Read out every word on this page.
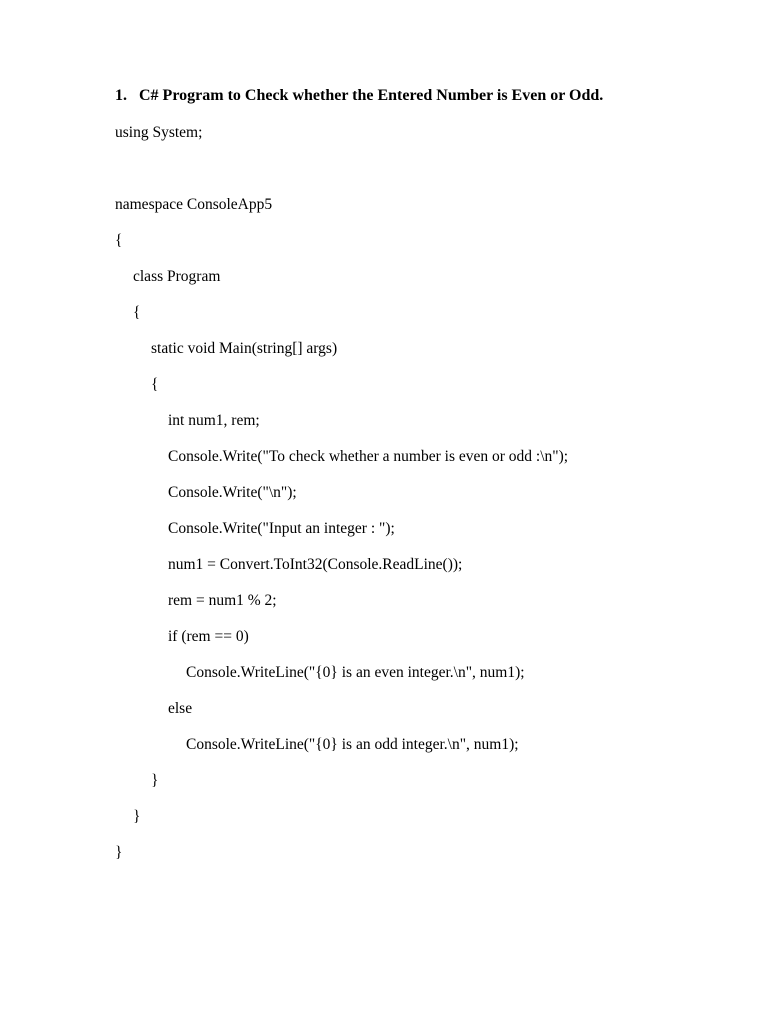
1. C# Program to Check whether the Entered Number is Even or Odd.
using System;
namespace ConsoleApp5
{
class Program
{
static void Main(string[] args)
{
int num1, rem;
Console.Write("To check whether a number is even or odd :\n");
Console.Write("\n");
Console.Write("Input an integer : ");
num1 = Convert.ToInt32(Console.ReadLine());
rem = num1 % 2;
if (rem == 0)
Console.WriteLine("{0} is an even integer.\n", num1);
else
Console.WriteLine("{0} is an odd integer.\n", num1);
}
}
}
